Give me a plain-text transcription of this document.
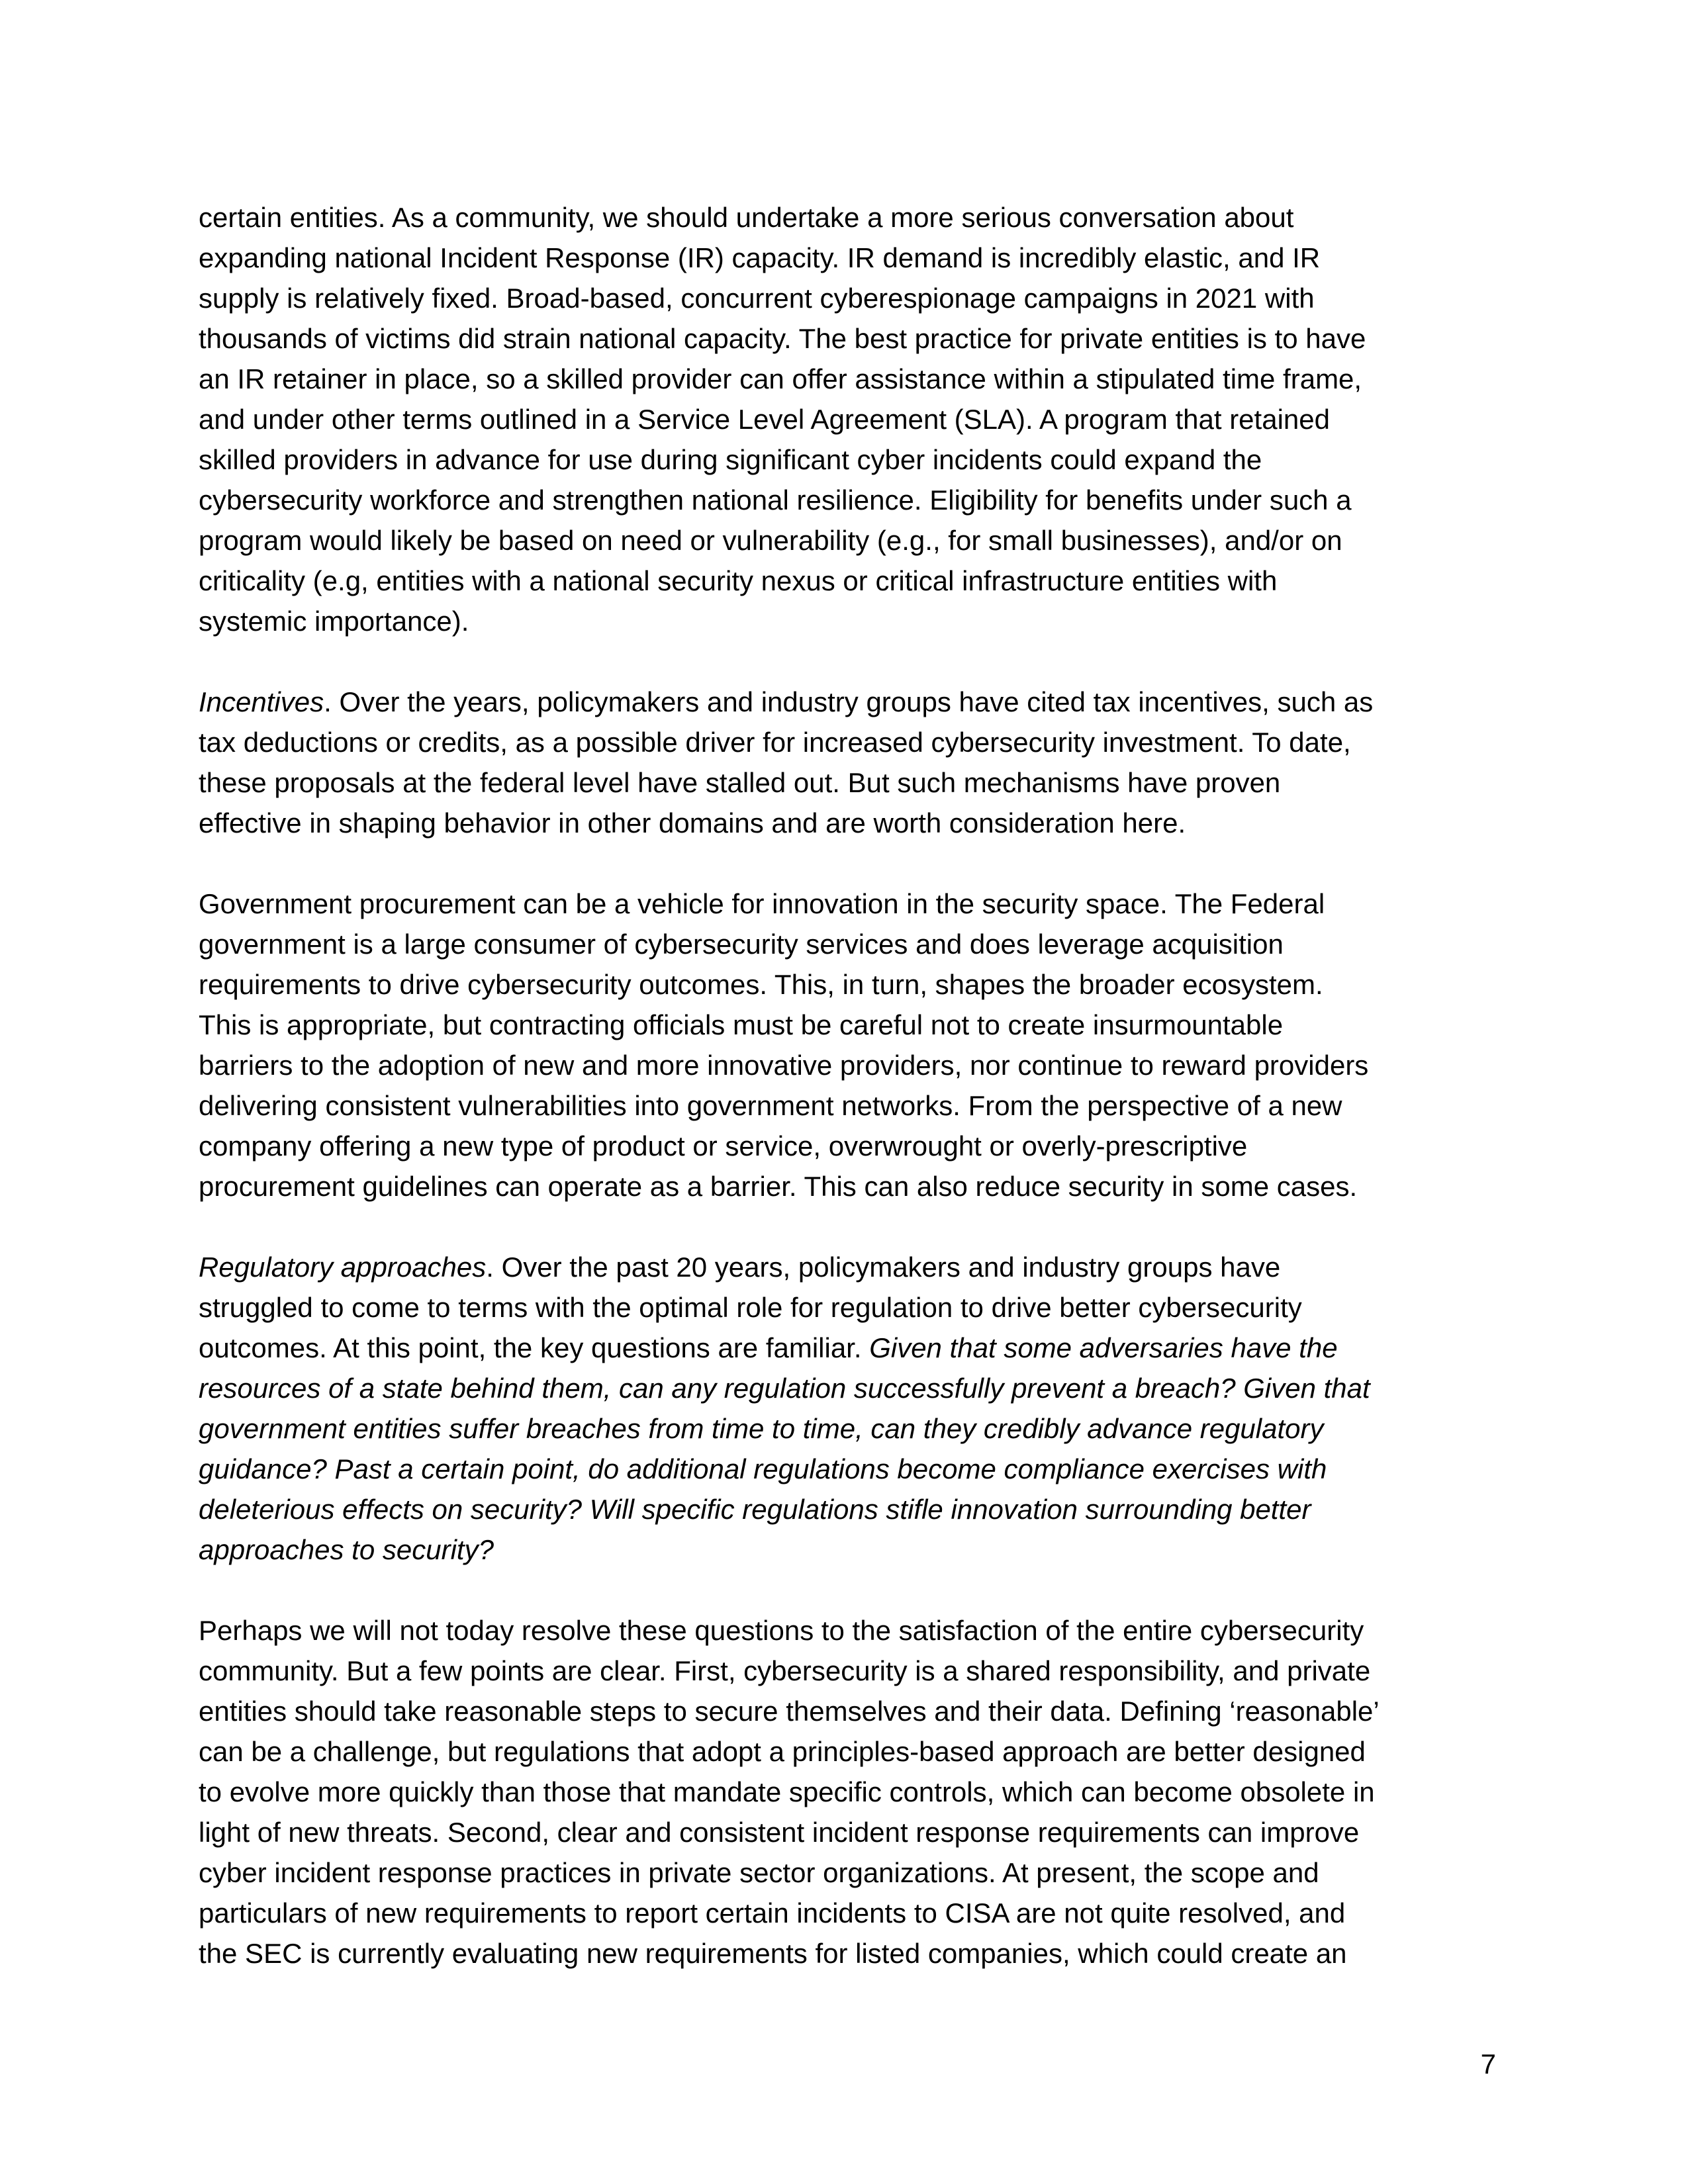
certain entities. As a community, we should undertake a more serious conversation about
expanding national Incident Response (IR) capacity. IR demand is incredibly elastic, and IR
supply is relatively fixed. Broad-based, concurrent cyberespionage campaigns in 2021 with
thousands of victims did strain national capacity. The best practice for private entities is to have
an IR retainer in place, so a skilled provider can offer assistance within a stipulated time frame,
and under other terms outlined in a Service Level Agreement (SLA). A program that retained
skilled providers in advance for use during significant cyber incidents could expand the
cybersecurity workforce and strengthen national resilience. Eligibility for benefits under such a
program would likely be based on need or vulnerability (e.g., for small businesses), and/or on
criticality (e.g, entities with a national security nexus or critical infrastructure entities with
systemic importance).

Incentives. Over the years, policymakers and industry groups have cited tax incentives, such as
tax deductions or credits, as a possible driver for increased cybersecurity investment. To date,
these proposals at the federal level have stalled out. But such mechanisms have proven
effective in shaping behavior in other domains and are worth consideration here.

Government procurement can be a vehicle for innovation in the security space. The Federal
government is a large consumer of cybersecurity services and does leverage acquisition
requirements to drive cybersecurity outcomes. This, in turn, shapes the broader ecosystem.
This is appropriate, but contracting officials must be careful not to create insurmountable
barriers to the adoption of new and more innovative providers, nor continue to reward providers
delivering consistent vulnerabilities into government networks. From the perspective of a new
company offering a new type of product or service, overwrought or overly-prescriptive
procurement guidelines can operate as a barrier. This can also reduce security in some cases.

Regulatory approaches. Over the past 20 years, policymakers and industry groups have
struggled to come to terms with the optimal role for regulation to drive better cybersecurity
outcomes. At this point, the key questions are familiar. Given that some adversaries have the
resources of a state behind them, can any regulation successfully prevent a breach? Given that
government entities suffer breaches from time to time, can they credibly advance regulatory
guidance? Past a certain point, do additional regulations become compliance exercises with
deleterious effects on security? Will specific regulations stifle innovation surrounding better
approaches to security?

Perhaps we will not today resolve these questions to the satisfaction of the entire cybersecurity
community. But a few points are clear. First, cybersecurity is a shared responsibility, and private
entities should take reasonable steps to secure themselves and their data. Defining ‘reasonable’
can be a challenge, but regulations that adopt a principles-based approach are better designed
to evolve more quickly than those that mandate specific controls, which can become obsolete in
light of new threats. Second, clear and consistent incident response requirements can improve
cyber incident response practices in private sector organizations. At present, the scope and
particulars of new requirements to report certain incidents to CISA are not quite resolved, and
the SEC is currently evaluating new requirements for listed companies, which could create an

7
